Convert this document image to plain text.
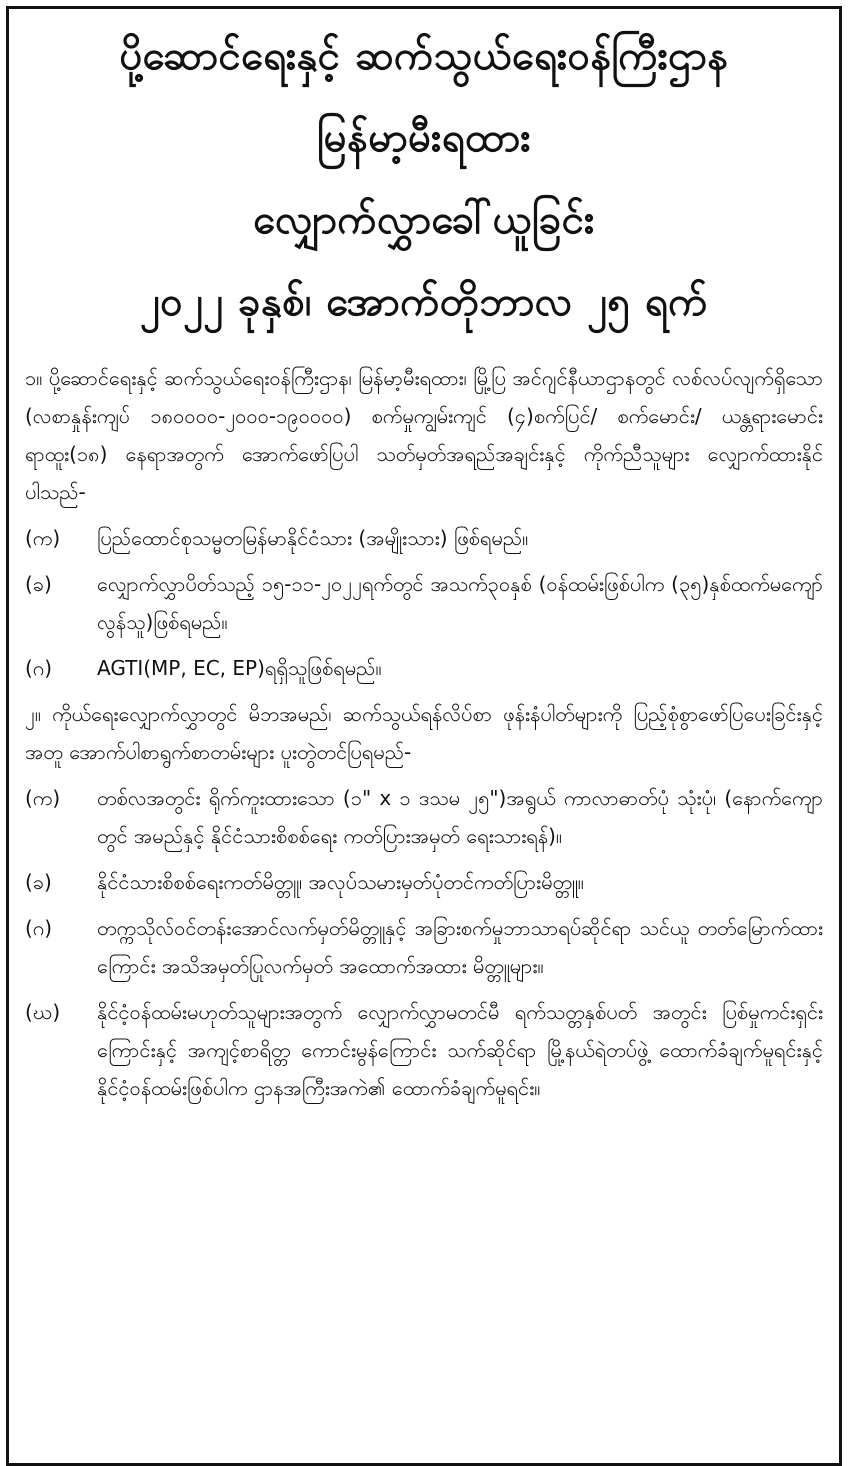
ပို့ဆောင်ရေးနှင့် ဆက်သွယ်ရေးဝန်ကြီးဌာန

မြန်မာ့မီးရထား

လျှောက်လွှာခေါ်ယူခြင်း

၂၀၂၂ ခုနှစ်၊ အောက်တိုဘာလ ၂၅ ရက်

၁။ ပို့ဆောင်ရေးနှင့် ဆက်သွယ်ရေးဝန်ကြီးဌာန၊ မြန်မာ့မီးရထား၊ မြို့ပြ အင်ဂျင်နီယာဌာနတွင် လစ်လပ်လျက်ရှိသော (လစာနှုန်းကျပ် ၁၈၀၀၀၀-၂၀၀၀-၁၉၀၀၀၀) စက်မှုကျွမ်းကျင် (၄)စက်ပြင်/ စက်မောင်း/ ယန္တရားမောင်း ရာထူး(၁၈) နေရာအတွက် အောက်ဖော်ပြပါ သတ်မှတ်အရည်အချင်းနှင့် ကိုက်ညီသူများ လျှောက်ထားနိုင်ပါသည်-

(က)	ပြည်ထောင်စုသမ္မတမြန်မာနိုင်ငံသား (အမျိုးသား) ဖြစ်ရမည်။
(ခ)	လျှောက်လွှာပိတ်သည့် ၁၅-၁၁-၂၀၂၂ရက်တွင် အသက်၃၀နှစ် (ဝန်ထမ်းဖြစ်ပါက (၃၅)နှစ်ထက်မကျော်လွန်သူ)ဖြစ်ရမည်။
(ဂ)	AGTI(MP, EC, EP)ရရှိသူဖြစ်ရမည်။

၂။ ကိုယ်ရေးလျှောက်လွှာတွင် မိဘအမည်၊ ဆက်သွယ်ရန်လိပ်စာ ဖုန်းနံပါတ်များကို ပြည့်စုံစွာဖော်ပြပေးခြင်းနှင့်အတူ အောက်ပါစာရွက်စာတမ်းများ ပူးတွဲတင်ပြရမည်-

(က)	တစ်လအတွင်း ရိုက်ကူးထားသော (၁" x ၁ ဒသမ ၂၅")အရွယ် ကာလာဓာတ်ပုံ သုံးပုံ၊ (နောက်ကျောတွင် အမည်နှင့် နိုင်ငံသားစိစစ်ရေး ကတ်ပြားအမှတ် ရေးသားရန်)။
(ခ)	နိုင်ငံသားစိစစ်ရေးကတ်မိတ္တူ၊ အလုပ်သမားမှတ်ပုံတင်ကတ်ပြားမိတ္တူ။
(ဂ)	တက္ကသိုလ်ဝင်တန်းအောင်လက်မှတ်မိတ္တူနှင့် အခြားစက်မှုဘာသာရပ်ဆိုင်ရာ သင်ယူ တတ်မြောက်ထားကြောင်း အသိအမှတ်ပြုလက်မှတ် အထောက်အထား မိတ္တူများ။
(ဃ)	နိုင်ငံ့ဝန်ထမ်းမဟုတ်သူများအတွက် လျှောက်လွှာမတင်မီ ရက်သတ္တနှစ်ပတ် အတွင်း ပြစ်မှုကင်းရှင်းကြောင်းနှင့် အကျင့်စာရိတ္တ ကောင်းမွန်ကြောင်း သက်ဆိုင်ရာ မြို့နယ်ရဲတပ်ဖွဲ့ ထောက်ခံချက်မူရင်းနှင့် နိုင်ငံ့ဝန်ထမ်းဖြစ်ပါက ဌာနအကြီးအကဲ၏ ထောက်ခံချက်မူရင်း။
